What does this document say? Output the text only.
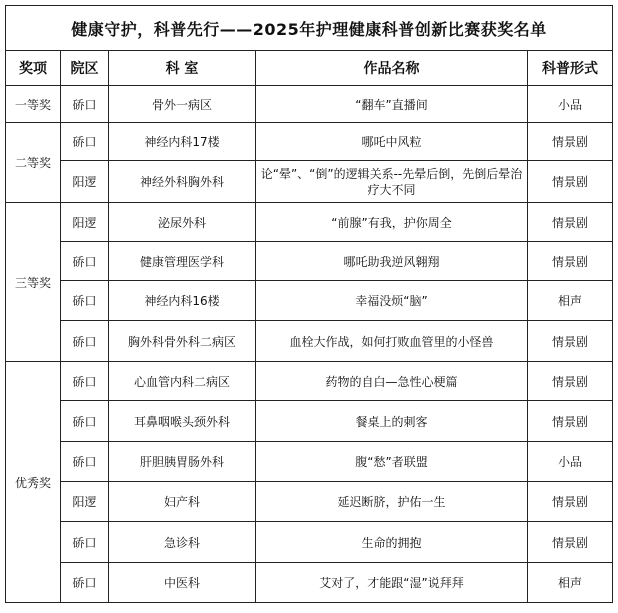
健康守护，科普先行——2025年护理健康科普创新比赛获奖名单				
奖项	院区	科 室	作品名称	科普形式
一等奖	硚口	骨外一病区	“翻车”直播间	小品
二等奖	硚口	神经内科17楼	哪吒中风粒	情景剧
	阳逻	神经外科胸外科	论“晕”、“倒”的逻辑关系--先晕后倒，先倒后晕治疗大不同	情景剧
三等奖	阳逻	泌尿外科	“前腺”有我，护你周全	情景剧
	硚口	健康管理医学科	哪吒助我逆风翱翔	情景剧
	硚口	神经内科16楼	幸福没烦“脑”	相声
	硚口	胸外科骨外科二病区	血栓大作战，如何打败血管里的小怪兽	情景剧
优秀奖	硚口	心血管内科二病区	药物的自白—急性心梗篇	情景剧
	硚口	耳鼻咽喉头颈外科	餐桌上的刺客	情景剧
	硚口	肝胆胰胃肠外科	腹“愁”者联盟	小品
	阳逻	妇产科	延迟断脐，护佑一生	情景剧
	硚口	急诊科	生命的拥抱	情景剧
	硚口	中医科	艾对了，才能跟“湿”说拜拜	相声
